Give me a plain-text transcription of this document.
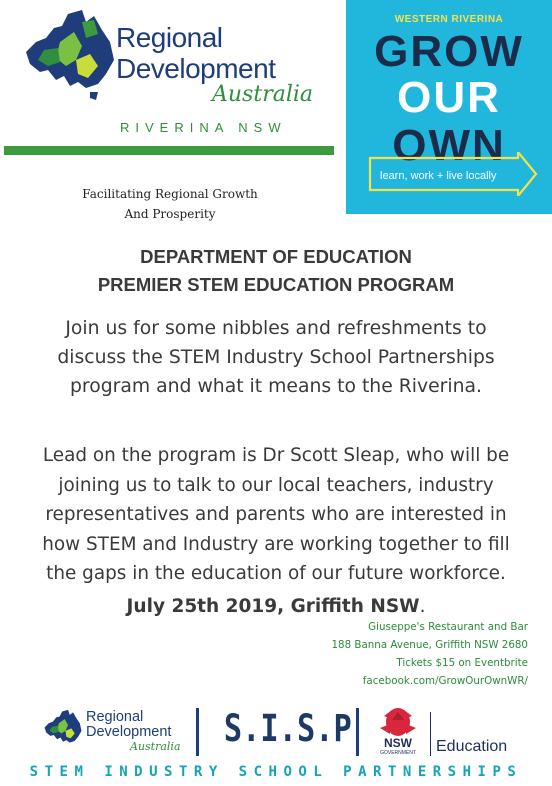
Regional
Development
Australia
RIVERINA NSW
Facilitating Regional Growth
And Prosperity
WESTERN RIVERINA
GROW
OUR
OWN
learn, work + live locally
DEPARTMENT OF EDUCATION
PREMIER STEM EDUCATION PROGRAM
Join us for some nibbles and refreshments to
discuss the STEM Industry School Partnerships
program and what it means to the Riverina.
Lead on the program is Dr Scott Sleap, who will be
joining us to talk to our local teachers, industry
representatives and parents who are interested in
how STEM and Industry are working together to fill
the gaps in the education of our future workforce.
July 25th 2019, Griffith NSW.
Giuseppe's Restaurant and Bar
188 Banna Avenue, Griffith NSW 2680
Tickets $15 on Eventbrite
facebook.com/GrowOurOwnWR/
Regional
Development
Australia S.I.S.P	NSW
GOVERNMENT	Education
STEM INDUSTRY SCHOOL PARTNERSHIPS
